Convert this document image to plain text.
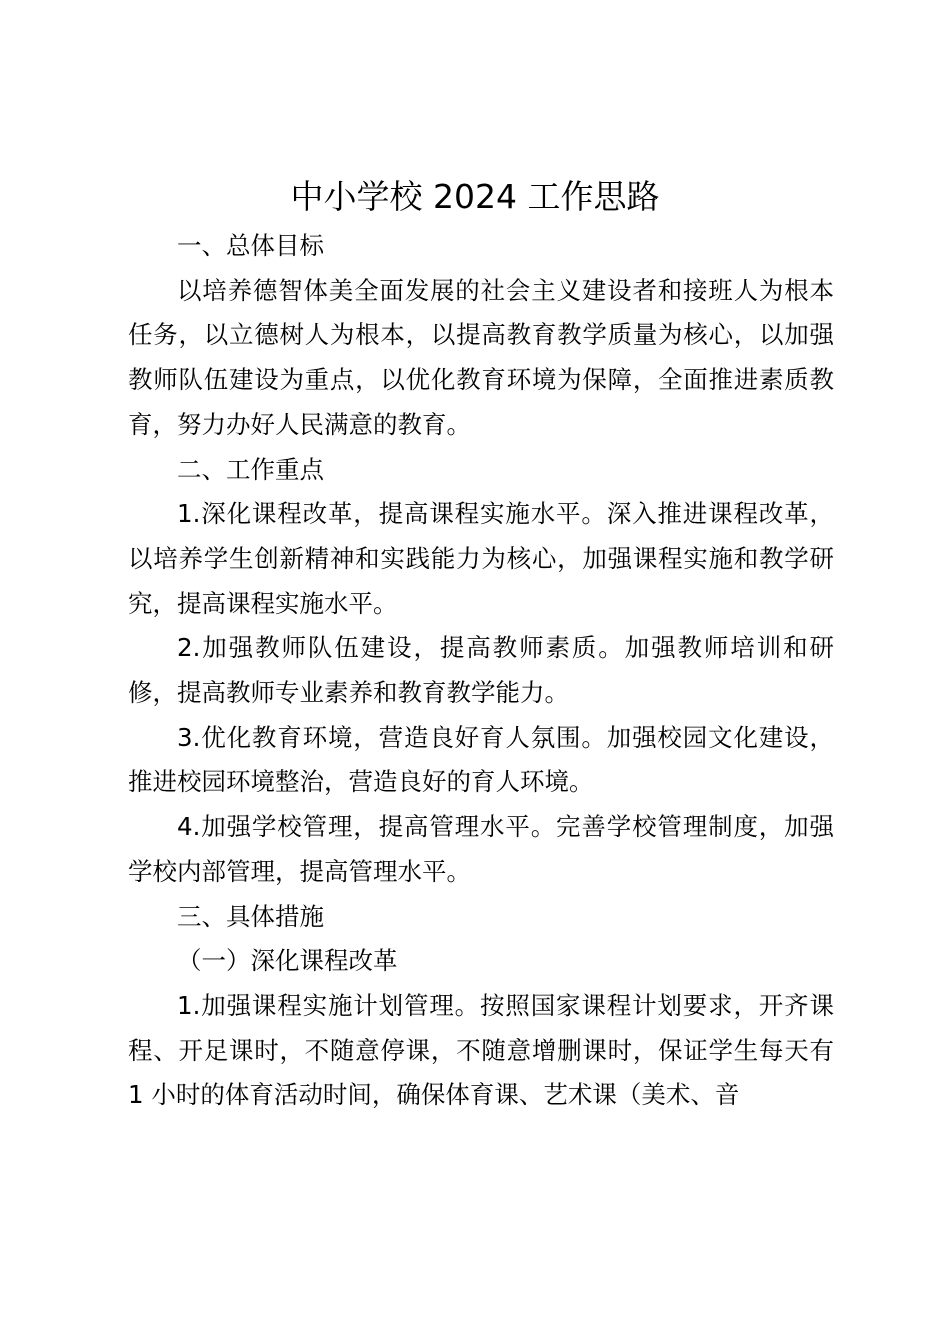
中小学校 2024 工作思路

一、总体目标

以培养德智体美全面发展的社会主义建设者和接班人为根本任务，以立德树人为根本，以提高教育教学质量为核心，以加强教师队伍建设为重点，以优化教育环境为保障，全面推进素质教育，努力办好人民满意的教育。

二、工作重点

1.深化课程改革，提高课程实施水平。深入推进课程改革，以培养学生创新精神和实践能力为核心，加强课程实施和教学研究，提高课程实施水平。

2.加强教师队伍建设，提高教师素质。加强教师培训和研修，提高教师专业素养和教育教学能力。

3.优化教育环境，营造良好育人氛围。加强校园文化建设，推进校园环境整治，营造良好的育人环境。

4.加强学校管理，提高管理水平。完善学校管理制度，加强学校内部管理，提高管理水平。

三、具体措施

（一）深化课程改革

1.加强课程实施计划管理。按照国家课程计划要求，开齐课程、开足课时，不随意停课，不随意增删课时，保证学生每天有 1 小时的体育活动时间，确保体育课、艺术课（美术、音
